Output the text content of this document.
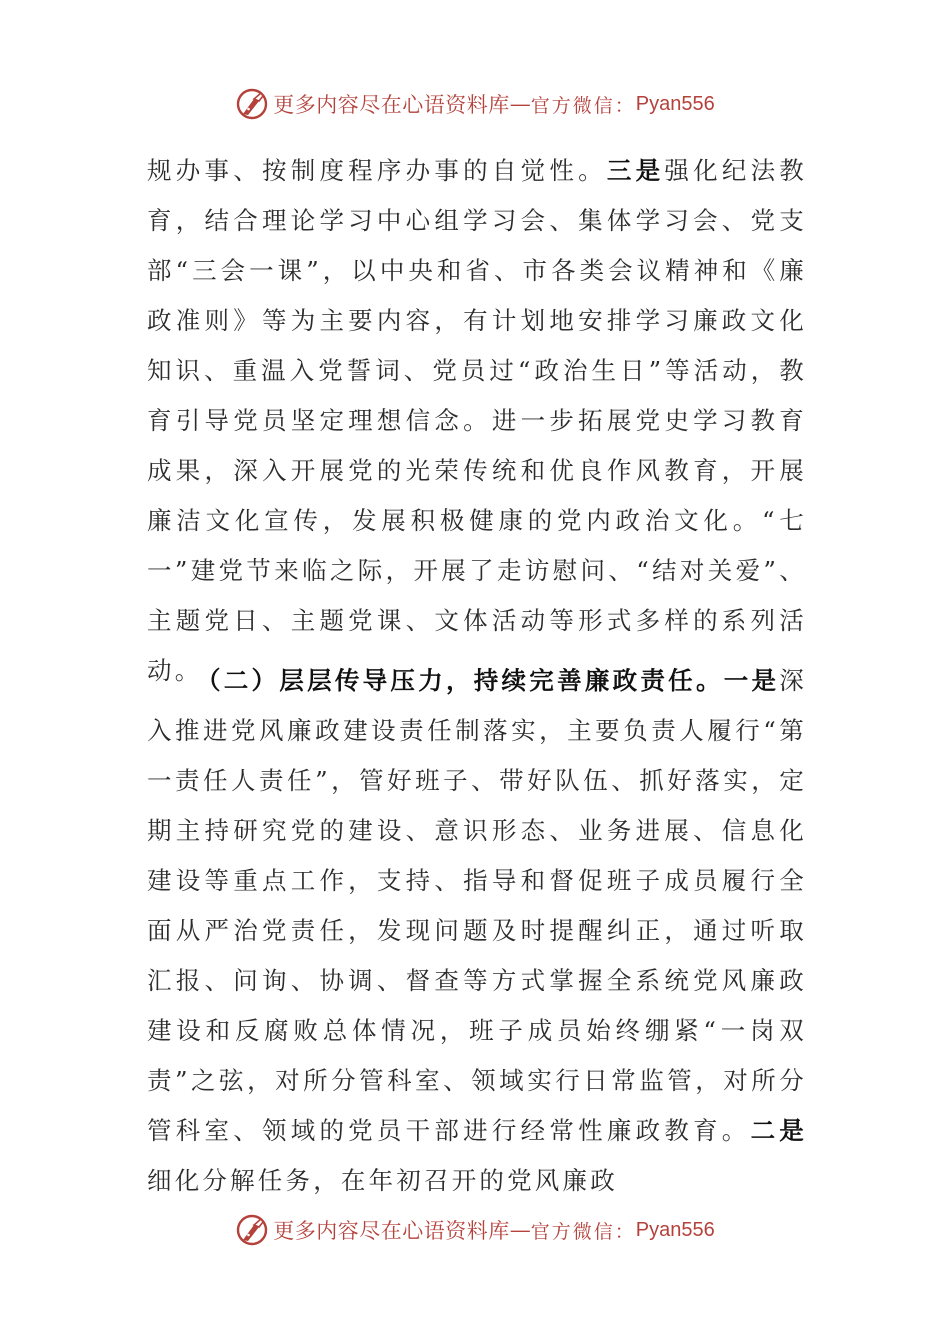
更多内容尽在心语资料库 — 官方微信： Pyan556

规办事、按制度程序办事的自觉性。三是强化纪法教育，结合理论学习中心组学习会、集体学习会、党支部“三会一课”，以中央和省、市各类会议精神和《廉政准则》等为主要内容，有计划地安排学习廉政文化知识、重温入党誓词、党员过“政治生日”等活动，教育引导党员坚定理想信念。进一步拓展党史学习教育成果，深入开展党的光荣传统和优良作风教育，开展廉洁文化宣传，发展积极健康的党内政治文化。“七一”建党节来临之际，开展了走访慰问、“结对关爱”、主题党日、主题党课、文体活动等形式多样的系列活动。

（二）层层传导压力，持续完善廉政责任。一是深入推进党风廉政建设责任制落实，主要负责人履行“第一责任人责任”，管好班子、带好队伍、抓好落实，定期主持研究党的建设、意识形态、业务进展、信息化建设等重点工作，支持、指导和督促班子成员履行全面从严治党责任，发现问题及时提醒纠正，通过听取汇报、问询、协调、督查等方式掌握全系统党风廉政建设和反腐败总体情况，班子成员始终绷紧“一岗双责”之弦，对所分管科室、领域实行日常监管，对所分管科室、领域的党员干部进行经常性廉政教育。二是细化分解任务，在年初召开的党风廉政

更多内容尽在心语资料库 — 官方微信： Pyan556
